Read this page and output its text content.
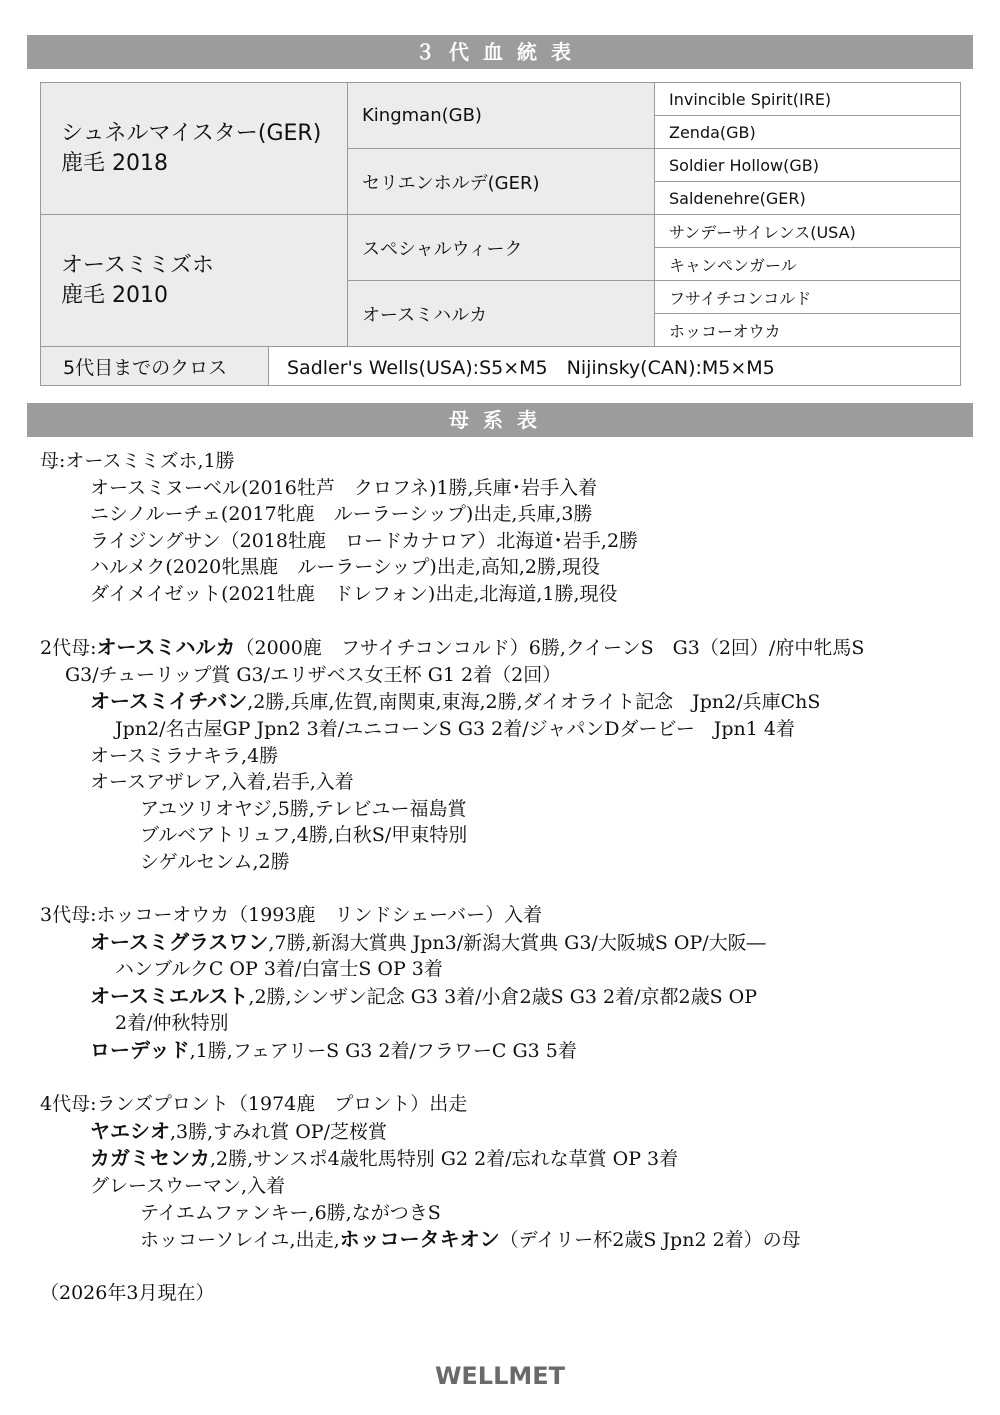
３代血統表
シュネルマイスター(GER)
鹿毛 2018		Kingman(GB)	Invincible Spirit(IRE)
			Zenda(GB)
		セリエンホルデ(GER)	Soldier Hollow(GB)
			Saldenehre(GER)

オースミミズホ
鹿毛 2010		スペシャルウィーク	サンデーサイレンス(USA)
			キャンペンガール
		オースミハルカ	フサイチコンコルド
			ホッコーオウカ
5代目までのクロス	Sadler's Wells(USA):S5×M5　Nijinsky(CAN):M5×M5		
母系表
母:オースミミズホ,1勝
オースミヌーベル(2016牡芦　クロフネ)1勝,兵庫･岩手入着
ニシノルーチェ(2017牝鹿　ルーラーシップ)出走,兵庫,3勝
ライジングサン（2018牡鹿　ロードカナロア）北海道･岩手,2勝
ハルメク(2020牝黒鹿　ルーラーシップ)出走,高知,2勝,現役
ダイメイゼット(2021牡鹿　ドレフォン)出走,北海道,1勝,現役
2代母:オースミハルカ（2000鹿　フサイチコンコルド）6勝,クイーンS　G3（2回）/府中牝馬S
G3/チューリップ賞 G3/エリザベス女王杯 G1 2着（2回）
オースミイチバン,2勝,兵庫,佐賀,南関東,東海,2勝,ダイオライト記念　Jpn2/兵庫ChS
Jpn2/名古屋GP Jpn2 3着/ユニコーンS G3 2着/ジャパンDダービー　Jpn1 4着
オースミラナキラ,4勝
オースアザレア,入着,岩手,入着
アユツリオヤジ,5勝,テレビユー福島賞
ブルベアトリュフ,4勝,白秋S/甲東特別
シゲルセンム,2勝
3代母:ホッコーオウカ（1993鹿　リンドシェーバー）入着
オースミグラスワン,7勝,新潟大賞典 Jpn3/新潟大賞典 G3/大阪城S OP/大阪―
ハンブルクC OP 3着/白富士S OP 3着
オースミエルスト,2勝,シンザン記念 G3 3着/小倉2歳S G3 2着/京都2歳S OP
2着/仲秋特別
ローデッド,1勝,フェアリーS G3 2着/フラワーC G3 5着
4代母:ランズプロント（1974鹿　プロント）出走
ヤエシオ,3勝,すみれ賞 OP/芝桜賞
カガミセンカ,2勝,サンスポ4歳牝馬特別 G2 2着/忘れな草賞 OP 3着
グレースウーマン,入着
テイエムファンキー,6勝,ながつきS
ホッコーソレイユ,出走,ホッコータキオン（デイリー杯2歳S Jpn2 2着）の母
（2026年3月現在）
WELLMET
